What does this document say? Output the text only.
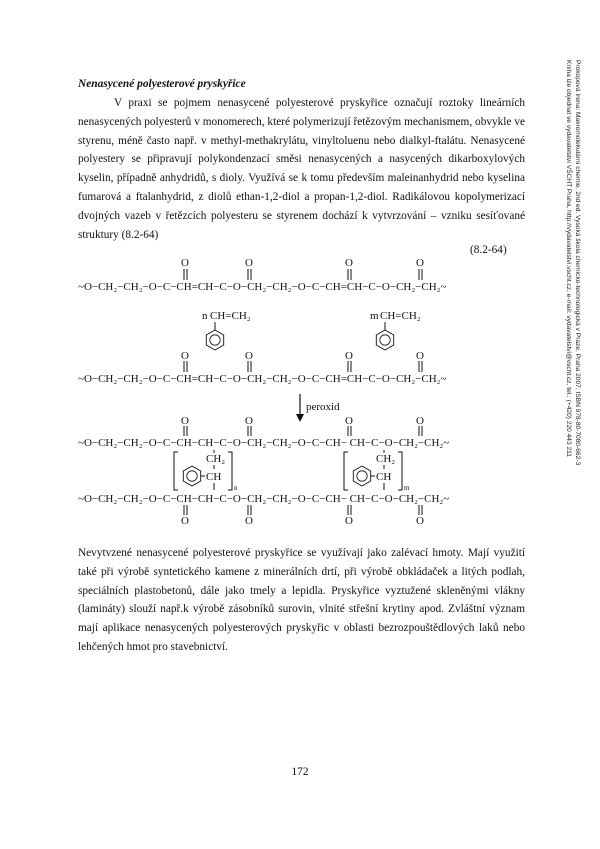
Prokopová Irena: Makromolekulární chemie. 2nd ed. Vysoká škola chemicko-technologická v Praze, Praha 2007. ISBN 978-80-7080-662-3
Kniha lze objednat ve vydavatelství VŠCHT Praha, http://vydavatelstvi.vscht.cz, e-mail: vydavatelstvi@vscht.cz, tel.: (+420) 220 443 211
Nenasycené polyesterové pryskyřice

V praxi se pojmem nenasycené polyesterové pryskyřice označují roztoky lineárních nenasycených polyesterů v monomerech, které polymerizují řetězovým mechanismem, obvykle ve styrenu, méně často např. v methyl-methakrylátu, vinyltoluenu nebo dialkyl-ftalátu. Nenasycené polyestery se připravují polykondenzací směsi nenasycených a nasycených dikarboxylových kyselin, případně anhydridů, s dioly. Využívá se k tomu především maleinanhydrid nebo kyselina fumarová a ftalanhydrid, z diolů ethan-1,2-diol a propan-1,2-diol. Radikálovou kopolymerizací dvojných vazeb v řetězcích polyesteru se styrenem dochází k vytvrzování – vzniku sesíťované struktury (8.2-64)

(8.2-64)
~O−CH₂−CH₂−O−C−CH=CH−C−O−CH₂−CH₂−O−C−CH=CH−C−O−CH₂−CH₂~
O	O	O	O
n CH=CH₂	m CH=CH₂
~O−CH₂−CH₂−O−C−CH=CH−C−O−CH₂−CH₂−O−C−CH=CH−C−O−CH₂−CH₂~
O	O	O	O
peroxid
~O−CH₂−CH₂−O−C−CH−CH−C−O−CH₂−CH₂−O−C−CH− CH−C−O−CH₂−CH₂~
O	O	O	O
CH₂
CH
n
CH₂
CH
m
~O−CH₂−CH₂−O−C−CH−CH−C−O−CH₂−CH₂−O−C−CH− CH−C−O−CH₂−CH₂~
O	O	O	O

Nevytvzené nenasycené polyesterové pryskyřice se využívají jako zalévací hmoty. Mají využití také při výrobě syntetického kamene z minerálních drtí, při výrobě obkládaček a litých podlah, speciálních plastobetonů, dále jako tmely a lepidla. Pryskyřice vyztužené skleněnými vlákny (lamináty) slouží např.k výrobě zásobníků surovin, vlnité střešní krytiny apod. Zvláštní význam mají aplikace nenasycených polyesterových pryskyřic v oblasti bezrozpouštědlových laků nebo lehčených hmot pro stavebnictví.

172
